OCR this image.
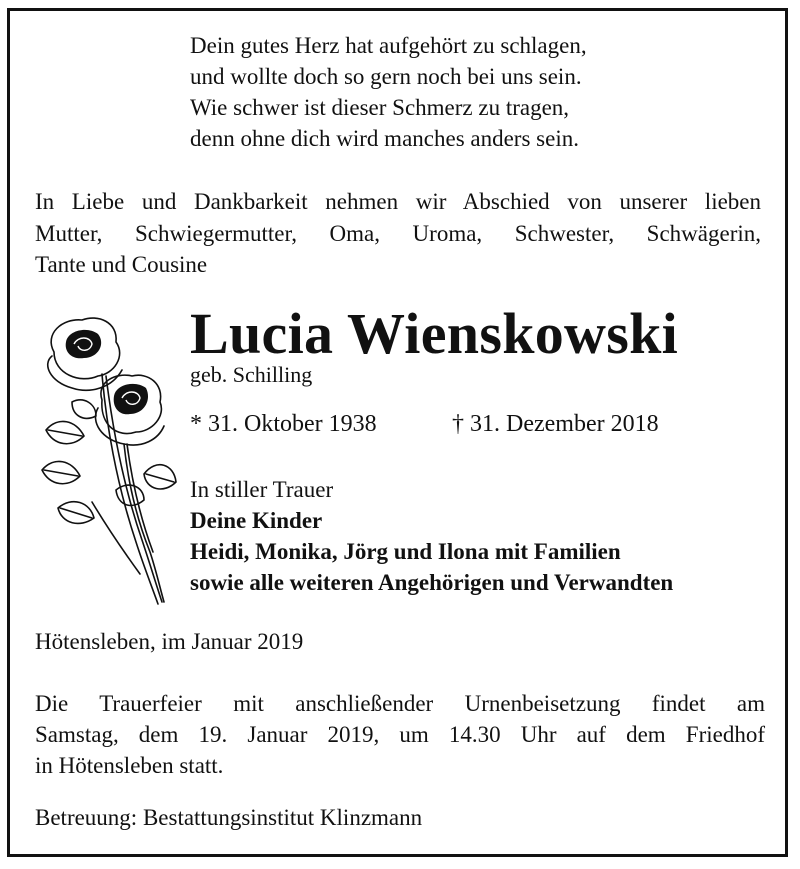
Dein gutes Herz hat aufgehört zu schlagen,
und wollte doch so gern noch bei uns sein.
Wie schwer ist dieser Schmerz zu tragen,
denn ohne dich wird manches anders sein.
In Liebe und Dankbarkeit nehmen wir Abschied von unserer lieben
Mutter, Schwiegermutter, Oma, Uroma, Schwester, Schwägerin,
Tante und Cousine
Lucia Wienskowski
geb. Schilling
* 31. Oktober 1938	† 31. Dezember 2018
In stiller Trauer
Deine Kinder
Heidi, Monika, Jörg und Ilona mit Familien
sowie alle weiteren Angehörigen und Verwandten
Hötensleben, im Januar 2019
Die Trauerfeier mit anschließender Urnenbeisetzung findet am
Samstag, dem 19. Januar 2019, um 14.30 Uhr auf dem Friedhof
in Hötensleben statt.
Betreuung: Bestattungsinstitut Klinzmann
